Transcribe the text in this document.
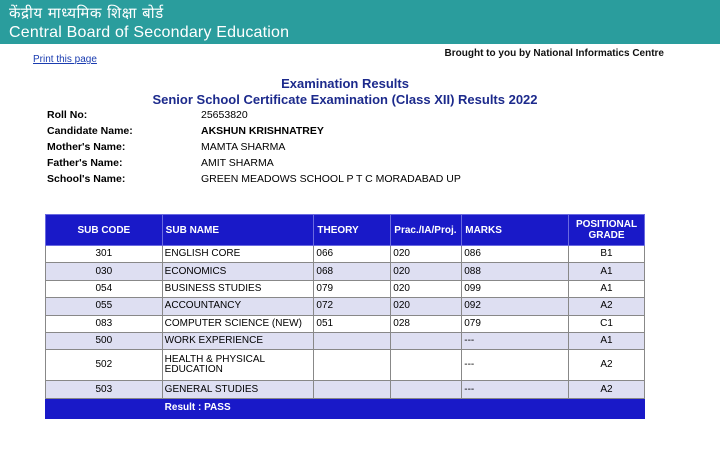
केंद्रीय माध्यमिक शिक्षा बोर्ड
Central Board of Secondary Education
Print this page
Brought to you by National Informatics Centre
Examination Results
Senior School Certificate Examination (Class XII) Results 2022
Roll No:	25653820
Candidate Name:	AKSHUN KRISHNATREY
Mother's Name:	MAMTA SHARMA
Father's Name:	AMIT SHARMA
School's Name:	GREEN MEADOWS SCHOOL P T C MORADABAD UP
SUB CODE	SUB NAME	THEORY	Prac./IA/Proj.	MARKS	POSITIONAL GRADE
301	ENGLISH CORE	066	020	086	B1
030	ECONOMICS	068	020	088	A1
054	BUSINESS STUDIES	079	020	099	A1
055	ACCOUNTANCY	072	020	092	A2
083	COMPUTER SCIENCE (NEW)	051	028	079	C1
500	WORK EXPERIENCE			---	A1
502	HEALTH & PHYSICAL EDUCATION			---	A2
503	GENERAL STUDIES			---	A2
	Result : PASS				
